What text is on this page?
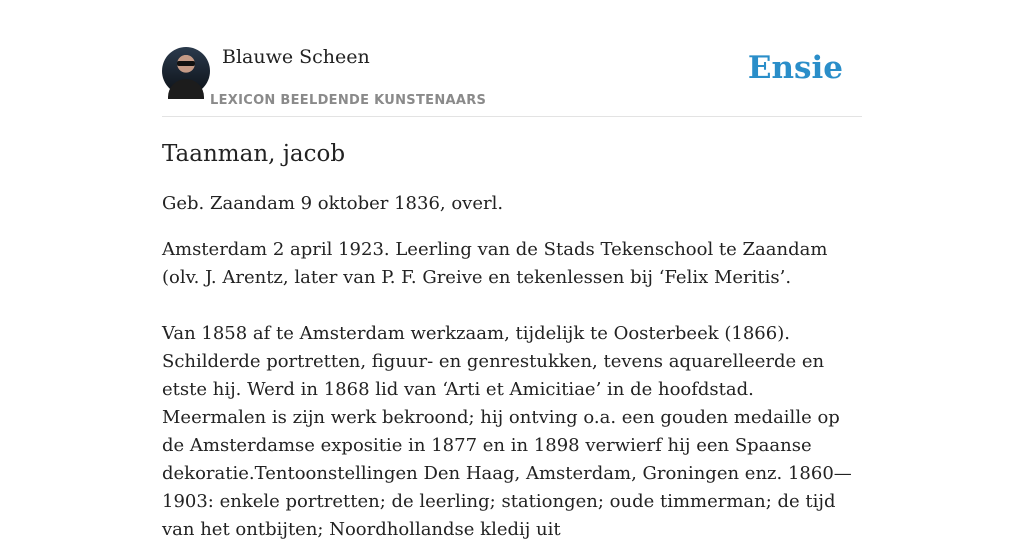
Blauwe Scheen
LEXICON BEELDENDE KUNSTENAARS
Ensie
Taanman, jacob

Geb. Zaandam 9 oktober 1836, overl.

Amsterdam 2 april 1923. Leerling van de Stads Tekenschool te Zaandam (olv. J. Arentz, later van P. F. Greive en tekenlessen bij ‘Felix Meritis’.

Van 1858 af te Amsterdam werkzaam, tijdelijk te Oosterbeek (1866). Schilderde portretten, figuur- en genrestukken, tevens aquarelleerde en etste hij. Werd in 1868 lid van ‘Arti et Amicitiae’ in de hoofdstad. Meermalen is zijn werk bekroond; hij ontving o.a. een gouden medaille op de Amsterdamse expositie in 1877 en in 1898 verwierf hij een Spaanse dekoratie.Tentoonstellingen Den Haag, Amsterdam, Groningen enz. 1860—1903: enkele portretten; de leerling; stationgen; oude timmerman; de tijd van het ontbijten; Noordhollandse kledij uit
